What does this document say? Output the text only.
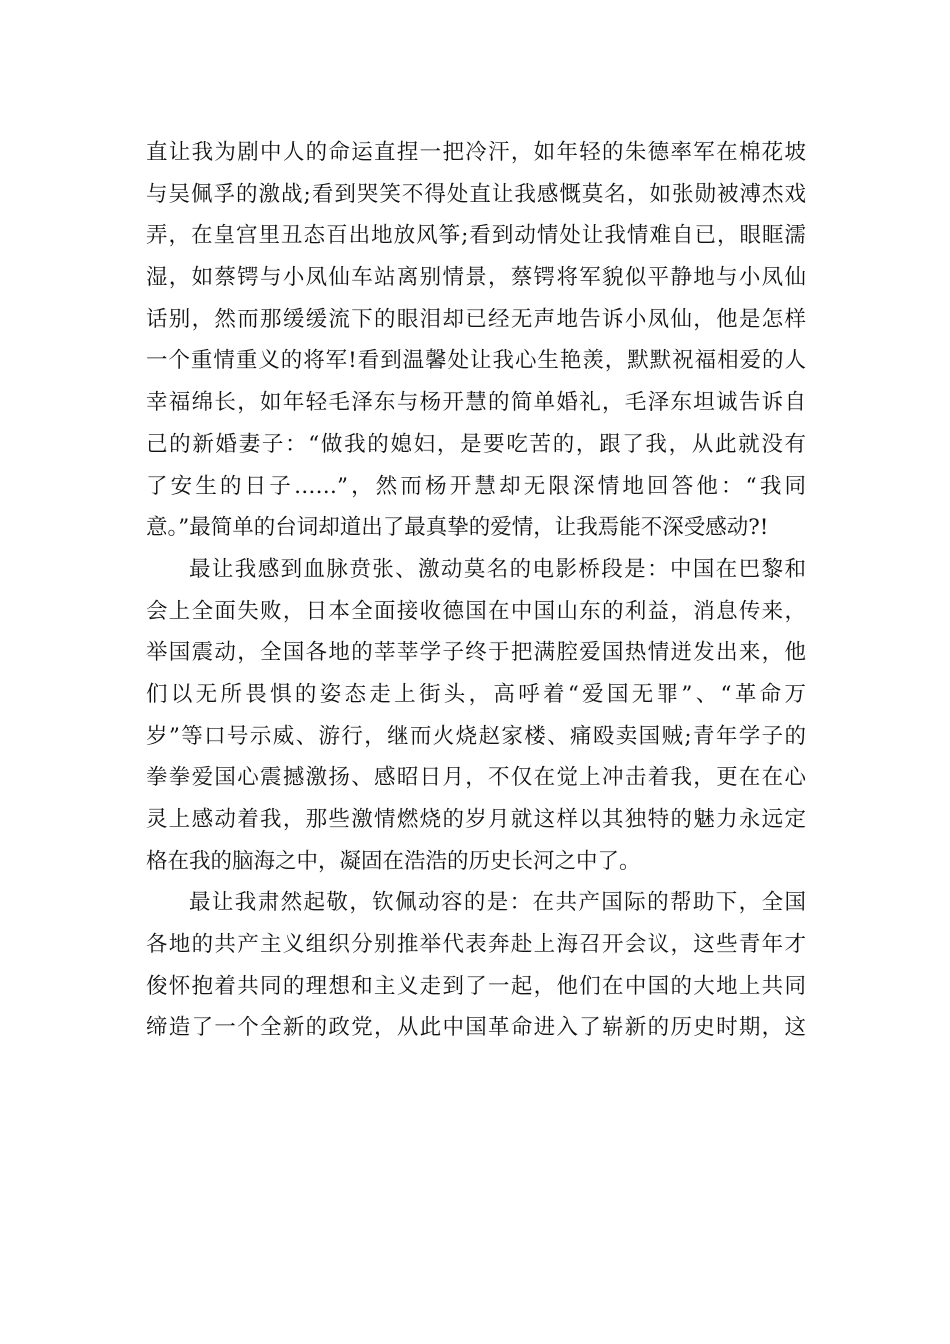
直让我为剧中人的命运直捏一把冷汗，如年轻的朱德率军在棉花坡
与吴佩孚的激战;看到哭笑不得处直让我感慨莫名，如张勋被溥杰戏
弄，在皇宫里丑态百出地放风筝;看到动情处让我情难自已，眼眶濡
湿，如蔡锷与小凤仙车站离别情景，蔡锷将军貌似平静地与小凤仙
话别，然而那缓缓流下的眼泪却已经无声地告诉小凤仙，他是怎样
一个重情重义的将军!看到温馨处让我心生艳羡，默默祝福相爱的人
幸福绵长，如年轻毛泽东与杨开慧的简单婚礼，毛泽东坦诚告诉自
己的新婚妻子：“做我的媳妇，是要吃苦的，跟了我，从此就没有
了安生的日子……”，然而杨开慧却无限深情地回答他：“我同
意。”最简单的台词却道出了最真挚的爱情，让我焉能不深受感动?!
最让我感到血脉贲张、激动莫名的电影桥段是：中国在巴黎和
会上全面失败，日本全面接收德国在中国山东的利益，消息传来，
举国震动，全国各地的莘莘学子终于把满腔爱国热情迸发出来，他
们以无所畏惧的姿态走上街头，高呼着“爱国无罪”、“革命万
岁”等口号示威、游行，继而火烧赵家楼、痛殴卖国贼;青年学子的
拳拳爱国心震撼激扬、感昭日月，不仅在觉上冲击着我，更在在心
灵上感动着我，那些激情燃烧的岁月就这样以其独特的魅力永远定
格在我的脑海之中，凝固在浩浩的历史长河之中了。
最让我肃然起敬，钦佩动容的是：在共产国际的帮助下，全国
各地的共产主义组织分别推举代表奔赴上海召开会议，这些青年才
俊怀抱着共同的理想和主义走到了一起，他们在中国的大地上共同
缔造了一个全新的政党，从此中国革命进入了崭新的历史时期，这
